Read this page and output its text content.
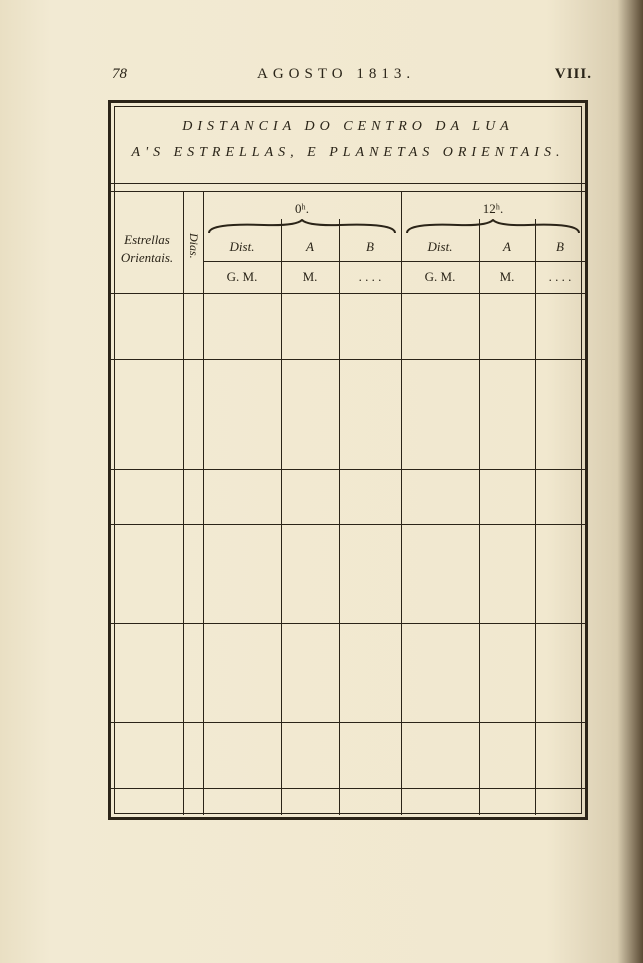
78	AGOSTO 1813.	VIII.
DISTANCIA DO CENTRO DA LUA
A'S ESTRELLAS, E PLANETAS ORIENTAIS.
Estrellas Orientais.	Dias.
0ʰ.	12ʰ.
Dist.	A	B	Dist.	A	B
G. M.	M.	. . . .	G. M.	M.	. . . .
